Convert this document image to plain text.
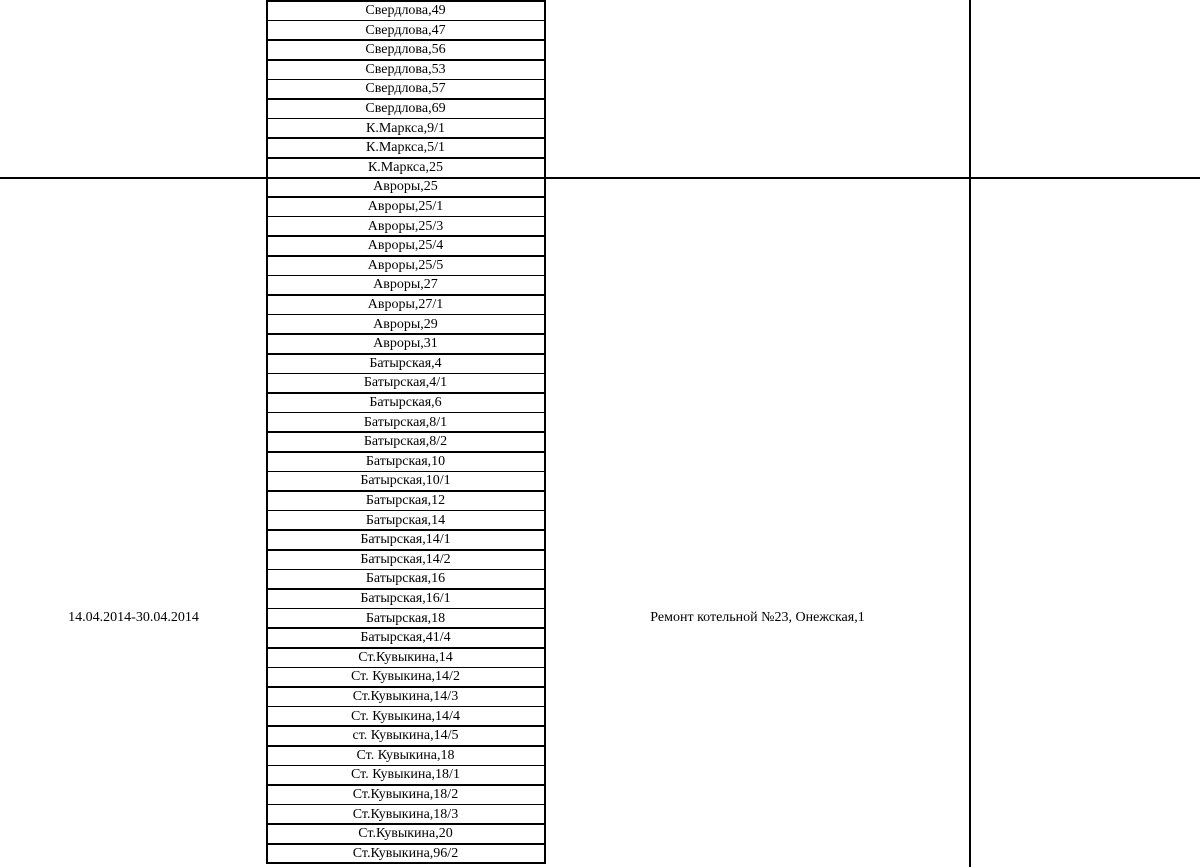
Свердлова,49
Свердлова,47
Свердлова,56
Свердлова,53
Свердлова,57
Свердлова,69
К.Маркса,9/1
К.Маркса,5/1
К.Маркса,25
Авроры,25
Авроры,25/1
Авроры,25/3
Авроры,25/4
Авроры,25/5
Авроры,27
Авроры,27/1
Авроры,29
Авроры,31
Батырская,4
Батырская,4/1
Батырская,6
Батырская,8/1
Батырская,8/2
Батырская,10
Батырская,10/1
Батырская,12
Батырская,14
Батырская,14/1
Батырская,14/2
Батырская,16
Батырская,16/1
Батырская,18
Батырская,41/4
Ст.Кувыкина,14
Ст. Кувыкина,14/2
Ст.Кувыкина,14/3
Ст. Кувыкина,14/4
ст. Кувыкина,14/5
Ст. Кувыкина,18
Ст. Кувыкина,18/1
Ст.Кувыкина,18/2
Ст.Кувыкина,18/3
Ст.Кувыкина,20
Ст.Кувыкина,96/2
14.04.2014-30.04.2014	Ремонт котельной №23, Онежская,1
